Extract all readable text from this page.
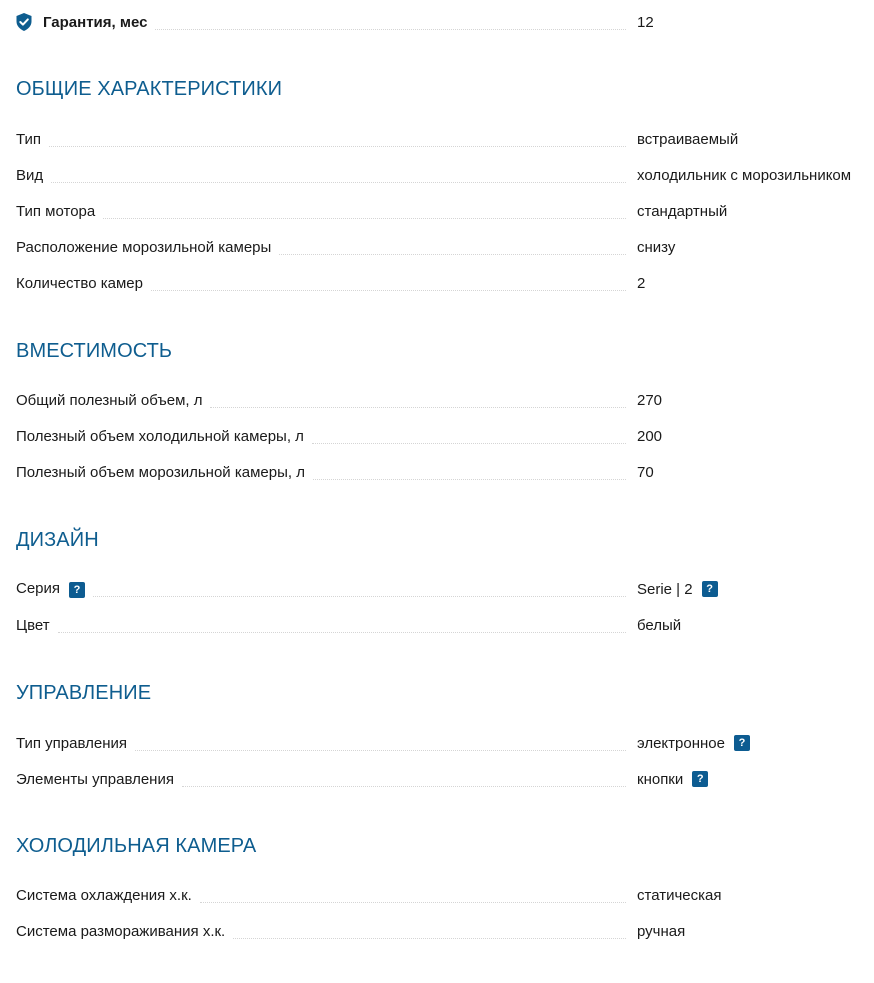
Гарантия, мес	12
ОБЩИЕ ХАРАКТЕРИСТИКИ
Тип	встраиваемый
Вид	холодильник с морозильником
Тип мотора	стандартный
Расположение морозильной камеры	снизу
Количество камер	2
ВМЕСТИМОСТЬ
Общий полезный объем, л	270
Полезный объем холодильной камеры, л	200
Полезный объем морозильной камеры, л	70
ДИЗАЙН
Серия ?	Serie | 2	?
Цвет	белый
УПРАВЛЕНИЕ
Тип управления	электронное	?
Элементы управления	кнопки	?
ХОЛОДИЛЬНАЯ КАМЕРА
Система охлаждения х.к.	статическая
Система размораживания х.к.	ручная
